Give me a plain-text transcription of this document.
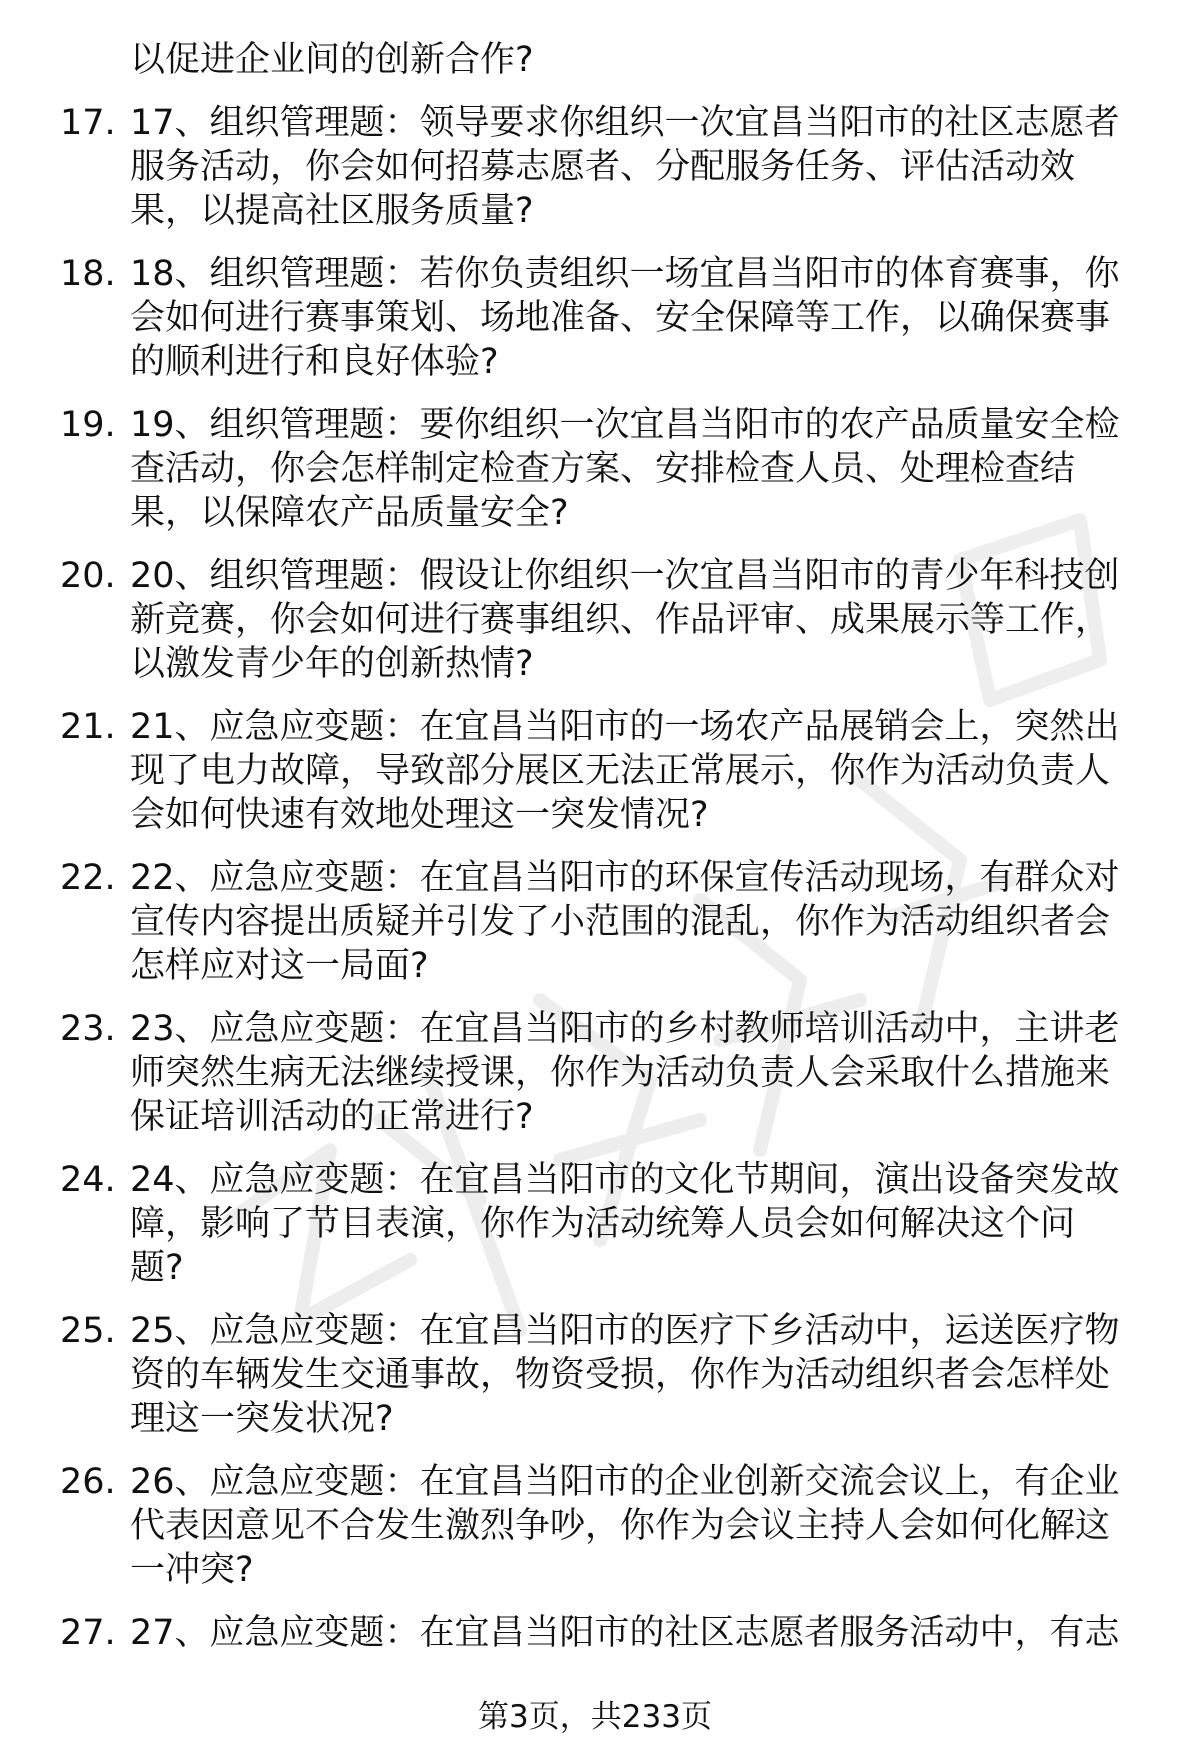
以促进企业间的创新合作?
17. 17、组织管理题：领导要求你组织一次宜昌当阳市的社区志愿者
服务活动，你会如何招募志愿者、分配服务任务、评估活动效
果，以提高社区服务质量?
18. 18、组织管理题：若你负责组织一场宜昌当阳市的体育赛事，你
会如何进行赛事策划、场地准备、安全保障等工作，以确保赛事
的顺利进行和良好体验?
19. 19、组织管理题：要你组织一次宜昌当阳市的农产品质量安全检
查活动，你会怎样制定检查方案、安排检查人员、处理检查结
果，以保障农产品质量安全?
20. 20、组织管理题：假设让你组织一次宜昌当阳市的青少年科技创
新竞赛，你会如何进行赛事组织、作品评审、成果展示等工作，
以激发青少年的创新热情?
21. 21、应急应变题：在宜昌当阳市的一场农产品展销会上，突然出
现了电力故障，导致部分展区无法正常展示，你作为活动负责人
会如何快速有效地处理这一突发情况?
22. 22、应急应变题：在宜昌当阳市的环保宣传活动现场，有群众对
宣传内容提出质疑并引发了小范围的混乱，你作为活动组织者会
怎样应对这一局面?
23. 23、应急应变题：在宜昌当阳市的乡村教师培训活动中，主讲老
师突然生病无法继续授课，你作为活动负责人会采取什么措施来
保证培训活动的正常进行?
24. 24、应急应变题：在宜昌当阳市的文化节期间，演出设备突发故
障，影响了节目表演，你作为活动统筹人员会如何解决这个问
题?
25. 25、应急应变题：在宜昌当阳市的医疗下乡活动中，运送医疗物
资的车辆发生交通事故，物资受损，你作为活动组织者会怎样处
理这一突发状况?
26. 26、应急应变题：在宜昌当阳市的企业创新交流会议上，有企业
代表因意见不合发生激烈争吵，你作为会议主持人会如何化解这
一冲突?
27. 27、应急应变题：在宜昌当阳市的社区志愿者服务活动中，有志
第3页，共233页
